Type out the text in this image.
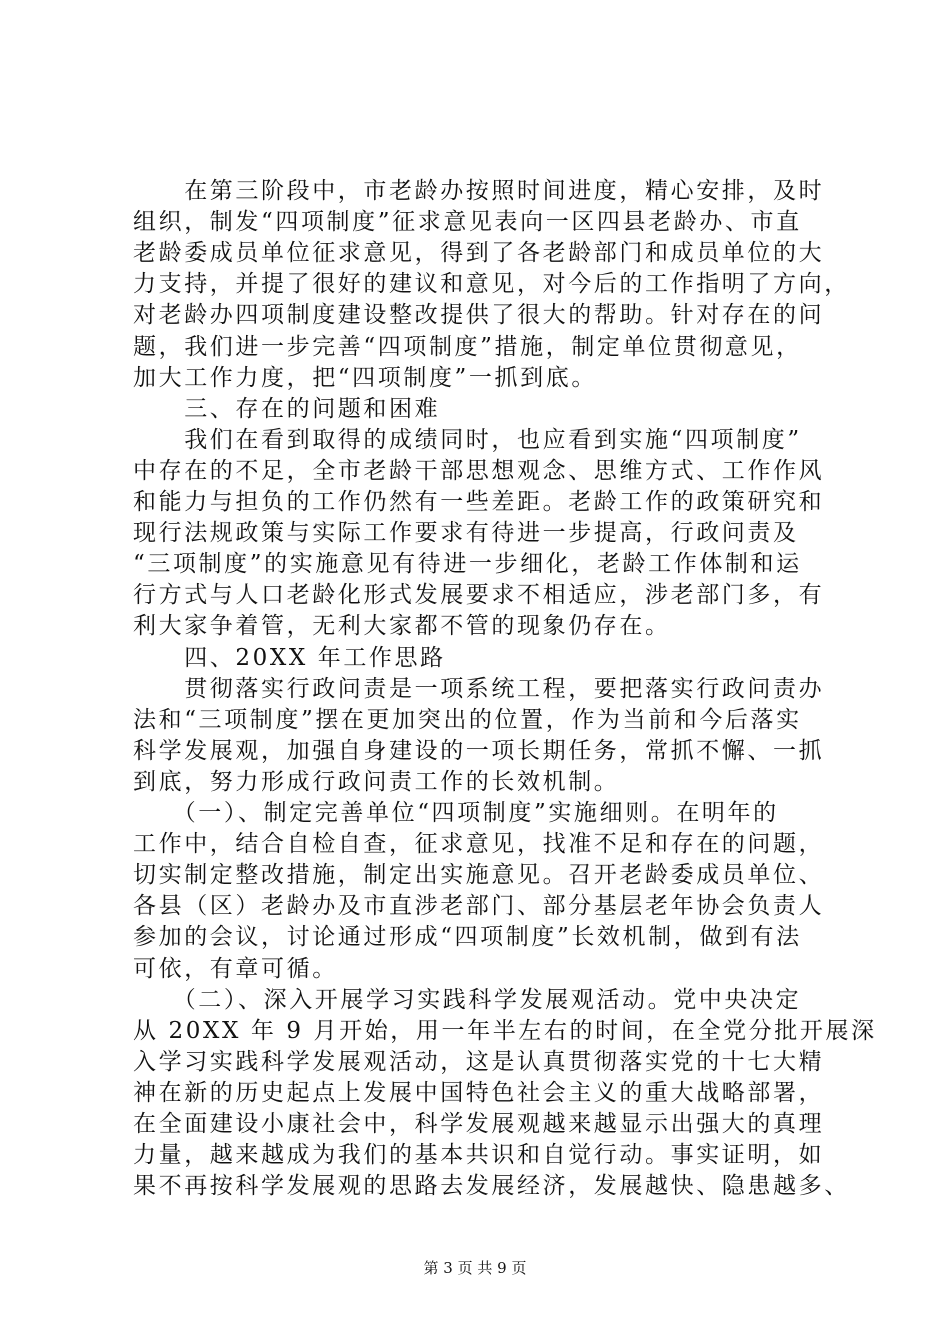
　　在第三阶段中，市老龄办按照时间进度，精心安排，及时
组织，制发“四项制度”征求意见表向一区四县老龄办、市直
老龄委成员单位征求意见，得到了各老龄部门和成员单位的大
力支持，并提了很好的建议和意见，对今后的工作指明了方向，
对老龄办四项制度建设整改提供了很大的帮助。针对存在的问
题，我们进一步完善“四项制度”措施，制定单位贯彻意见，
加大工作力度，把“四项制度”一抓到底。
　　三、存在的问题和困难
　　我们在看到取得的成绩同时，也应看到实施“四项制度”
中存在的不足，全市老龄干部思想观念、思维方式、工作作风
和能力与担负的工作仍然有一些差距。老龄工作的政策研究和
现行法规政策与实际工作要求有待进一步提高，行政问责及
“三项制度”的实施意见有待进一步细化，老龄工作体制和运
行方式与人口老龄化形式发展要求不相适应，涉老部门多，有
利大家争着管，无利大家都不管的现象仍存在。
　　四、20XX 年工作思路
　　贯彻落实行政问责是一项系统工程，要把落实行政问责办
法和“三项制度”摆在更加突出的位置，作为当前和今后落实
科学发展观，加强自身建设的一项长期任务，常抓不懈、一抓
到底，努力形成行政问责工作的长效机制。
　　（一）、制定完善单位“四项制度”实施细则。在明年的
工作中，结合自检自查，征求意见，找准不足和存在的问题，
切实制定整改措施，制定出实施意见。召开老龄委成员单位、
各县（区）老龄办及市直涉老部门、部分基层老年协会负责人
参加的会议，讨论通过形成“四项制度”长效机制，做到有法
可依，有章可循。
　　（二）、深入开展学习实践科学发展观活动。党中央决定
从 20XX 年 9 月开始，用一年半左右的时间，在全党分批开展深
入学习实践科学发展观活动，这是认真贯彻落实党的十七大精
神在新的历史起点上发展中国特色社会主义的重大战略部署，
在全面建设小康社会中，科学发展观越来越显示出强大的真理
力量，越来越成为我们的基本共识和自觉行动。事实证明，如
果不再按科学发展观的思路去发展经济，发展越快、隐患越多、
第 3 页 共 9 页
